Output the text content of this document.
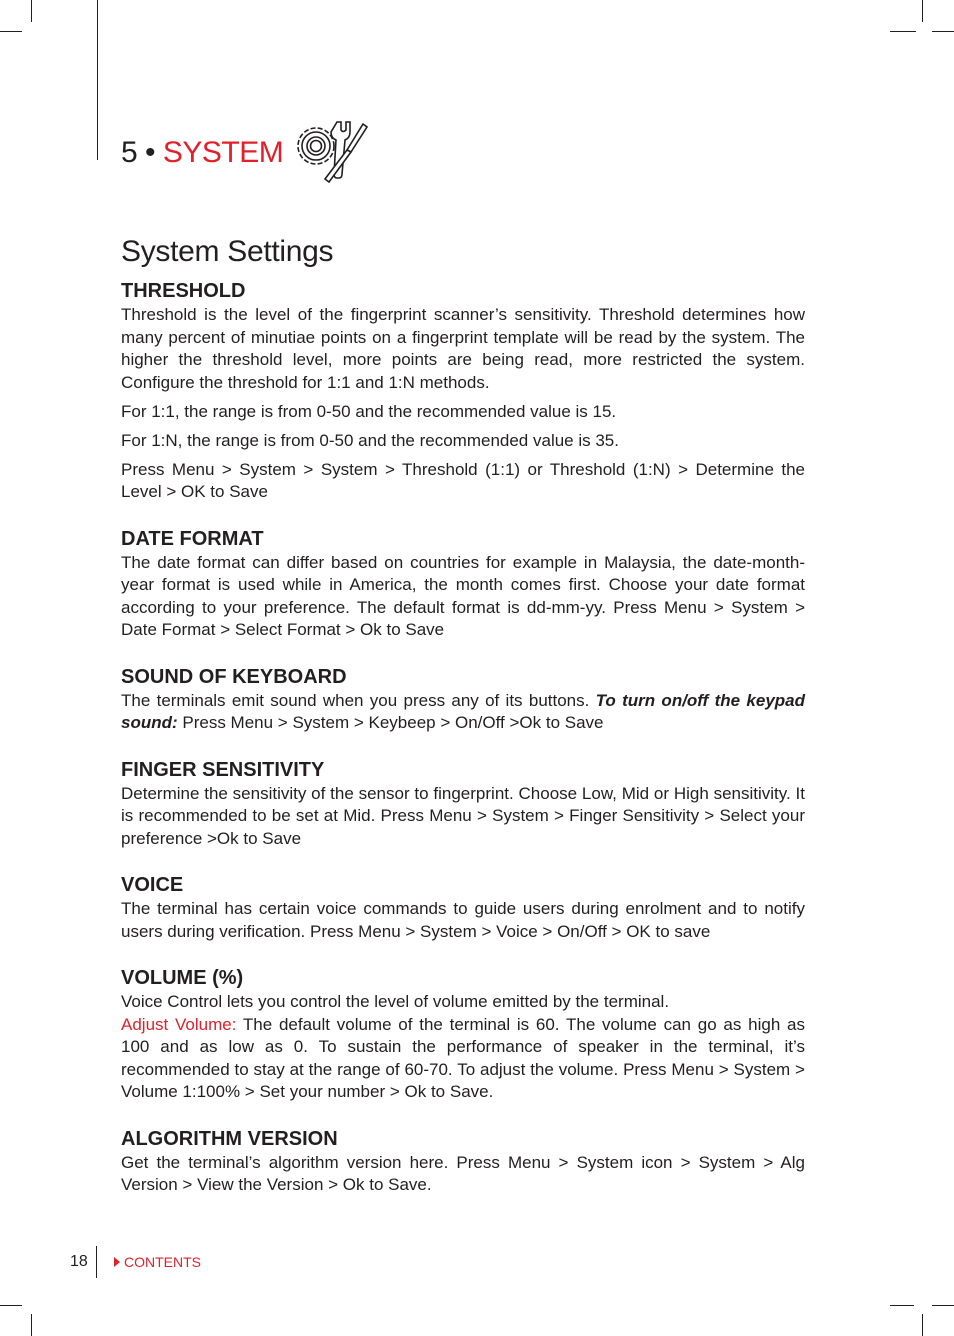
5 •
SYSTEM
System Settings
THRESHOLD

Threshold is the level of the fingerprint scanner’s sensitivity. Threshold determines how many percent of minutiae points on a fingerprint template will be read by the system. The higher the threshold level, more points are being read, more restricted the system. Configure the threshold for 1:1 and 1:N methods.

For 1:1, the range is from 0-50 and the recommended value is 15.

For 1:N, the range is from 0-50 and the recommended value is 35.

Press Menu > System > System > Threshold (1:1) or Threshold (1:N) > Determine the Level > OK to Save

DATE FORMAT

The date format can differ based on countries for example in Malaysia, the date-month-year format is used while in America, the month comes first. Choose your date format according to your preference. The default format is dd-mm-yy. Press Menu > System > Date Format > Select Format > Ok to Save

SOUND OF KEYBOARD

The terminals emit sound when you press any of its buttons. To turn on/off the keypad sound: Press Menu > System > Keybeep > On/Off >Ok to Save

FINGER SENSITIVITY

Determine the sensitivity of the sensor to fingerprint. Choose Low, Mid or High sensitivity. It is recommended to be set at Mid. Press Menu > System > Finger Sensitivity > Select your preference >Ok to Save

VOICE

The terminal has certain voice commands to guide users during enrolment and to notify users during verification. Press Menu > System > Voice > On/Off > OK to save

VOLUME (%)

Voice Control lets you control the level of volume emitted by the terminal.

Adjust Volume: The default volume of the terminal is 60. The volume can go as high as 100 and as low as 0. To sustain the performance of speaker in the terminal, it’s recommended to stay at the range of 60-70. To adjust the volume. Press Menu > System > Volume 1:100% > Set your number > Ok to Save.

ALGORITHM VERSION

Get the terminal’s algorithm version here. Press Menu > System icon > System > Alg Version > View the Version > Ok to Save.

18	CONTENTS
